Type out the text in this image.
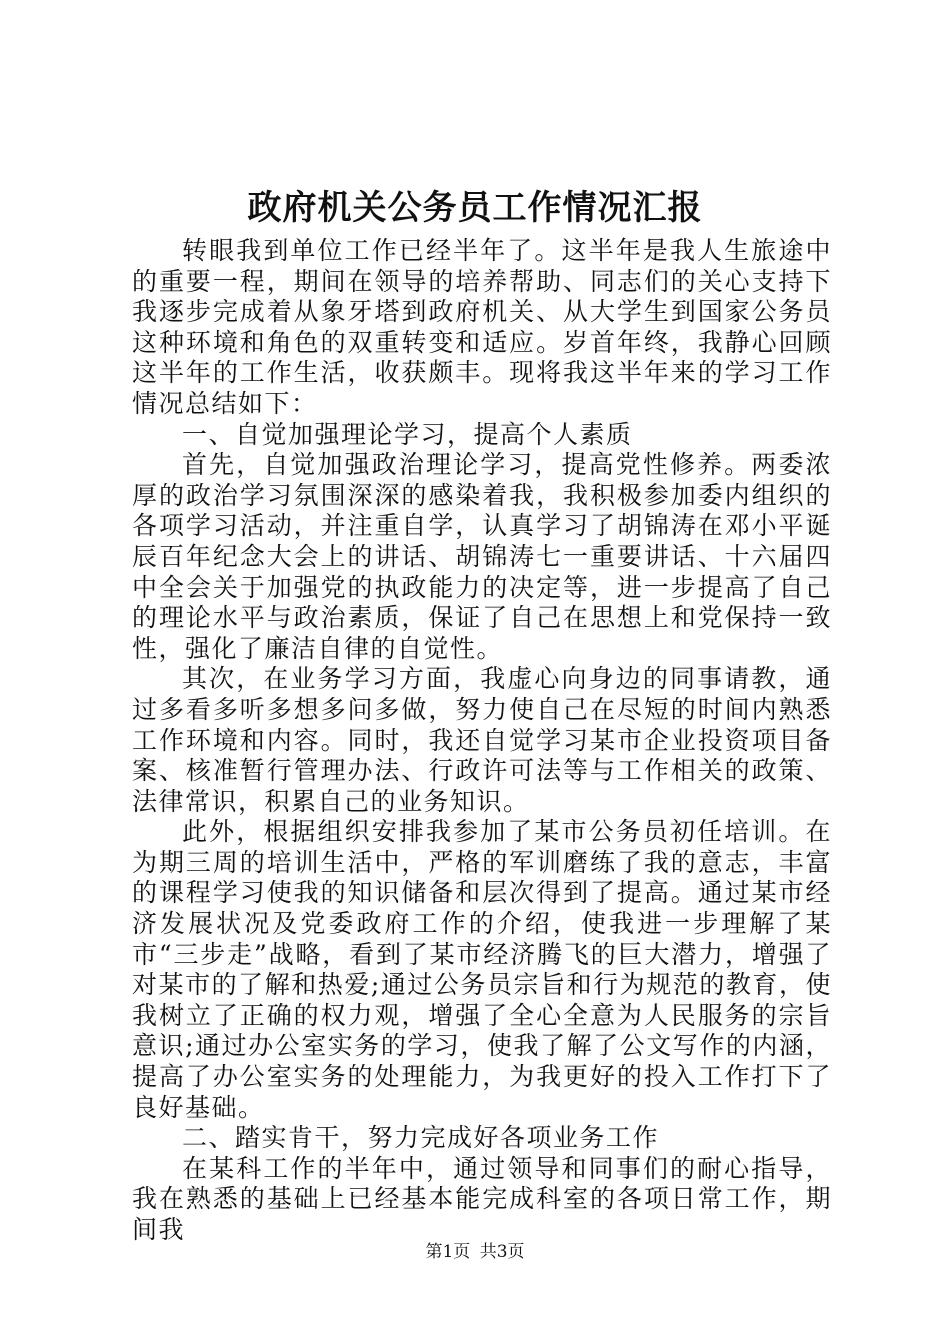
政府机关公务员工作情况汇报

转眼我到单位工作已经半年了。这半年是我人生旅途中的重要一程，期间在领导的培养帮助、同志们的关心支持下我逐步完成着从象牙塔到政府机关、从大学生到国家公务员这种环境和角色的双重转变和适应。岁首年终，我静心回顾这半年的工作生活，收获颇丰。现将我这半年来的学习工作情况总结如下：

一、自觉加强理论学习，提高个人素质

首先，自觉加强政治理论学习，提高党性修养。两委浓厚的政治学习氛围深深的感染着我，我积极参加委内组织的各项学习活动，并注重自学，认真学习了胡锦涛在邓小平诞辰百年纪念大会上的讲话、胡锦涛七一重要讲话、十六届四中全会关于加强党的执政能力的决定等，进一步提高了自己的理论水平与政治素质，保证了自己在思想上和党保持一致性，强化了廉洁自律的自觉性。

其次，在业务学习方面，我虚心向身边的同事请教，通过多看多听多想多问多做，努力使自己在尽短的时间内熟悉工作环境和内容。同时，我还自觉学习某市企业投资项目备案、核准暂行管理办法、行政许可法等与工作相关的政策、法律常识，积累自己的业务知识。

此外，根据组织安排我参加了某市公务员初任培训。在为期三周的培训生活中，严格的军训磨练了我的意志，丰富的课程学习使我的知识储备和层次得到了提高。通过某市经济发展状况及党委政府工作的介绍，使我进一步理解了某市“三步走”战略，看到了某市经济腾飞的巨大潜力，增强了对某市的了解和热爱;通过公务员宗旨和行为规范的教育，使我树立了正确的权力观，增强了全心全意为人民服务的宗旨意识;通过办公室实务的学习，使我了解了公文写作的内涵，提高了办公室实务的处理能力，为我更好的投入工作打下了良好基础。

二、踏实肯干，努力完成好各项业务工作

在某科工作的半年中，通过领导和同事们的耐心指导，我在熟悉的基础上已经基本能完成科室的各项日常工作，期间我

第1页 共3页
